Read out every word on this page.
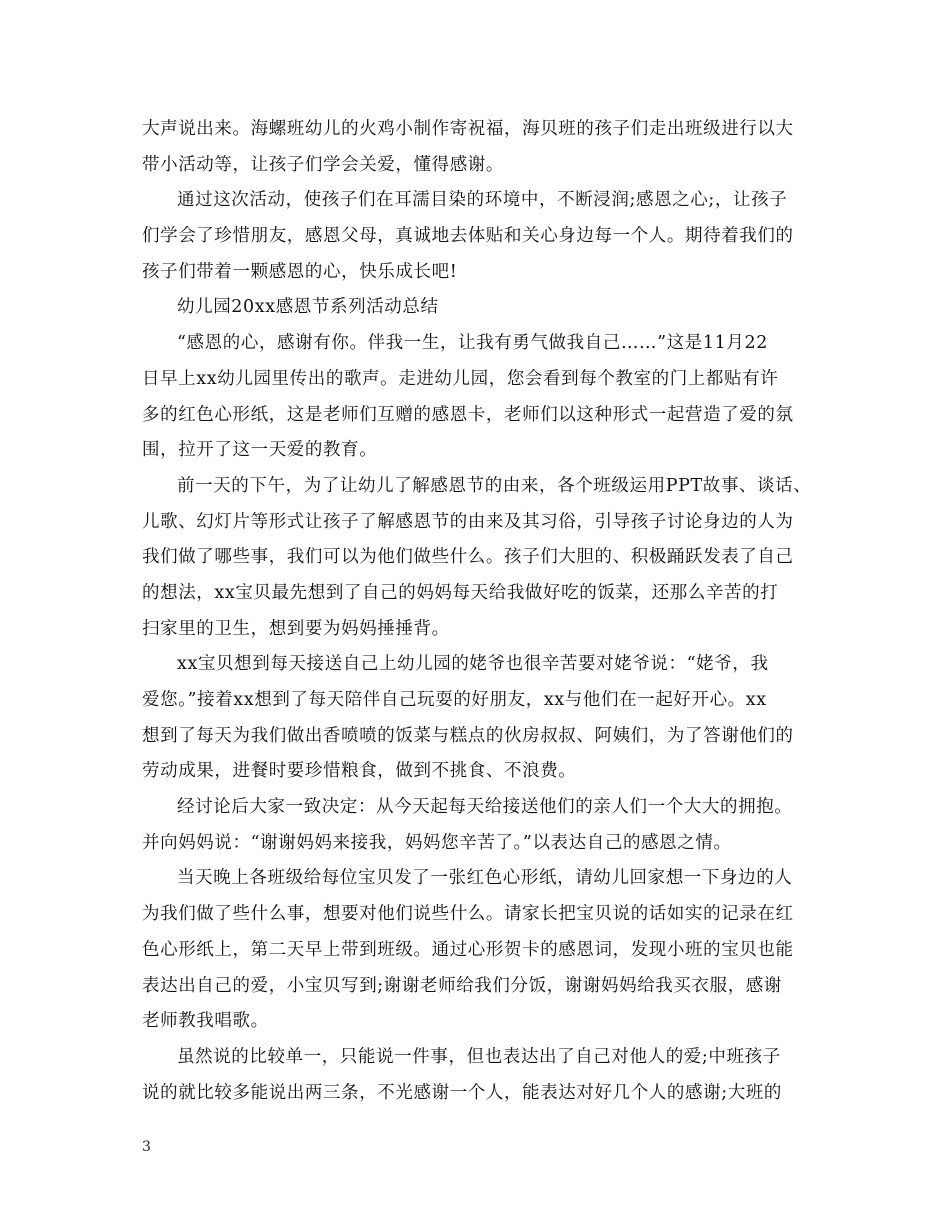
大声说出来。海螺班幼儿的火鸡小制作寄祝福，海贝班的孩子们走出班级进行以大
带小活动等，让孩子们学会关爱，懂得感谢。
通过这次活动，使孩子们在耳濡目染的环境中，不断浸润;感恩之心;，让孩子
们学会了珍惜朋友，感恩父母，真诚地去体贴和关心身边每一个人。期待着我们的
孩子们带着一颗感恩的心，快乐成长吧!
幼儿园20xx感恩节系列活动总结
“感恩的心，感谢有你。伴我一生，让我有勇气做我自己……”这是11月22
日早上xx幼儿园里传出的歌声。走进幼儿园，您会看到每个教室的门上都贴有许
多的红色心形纸，这是老师们互赠的感恩卡，老师们以这种形式一起营造了爱的氛
围，拉开了这一天爱的教育。
前一天的下午，为了让幼儿了解感恩节的由来，各个班级运用PPT故事、谈话、
儿歌、幻灯片等形式让孩子了解感恩节的由来及其习俗，引导孩子讨论身边的人为
我们做了哪些事，我们可以为他们做些什么。孩子们大胆的、积极踊跃发表了自己
的想法，xx宝贝最先想到了自己的妈妈每天给我做好吃的饭菜，还那么辛苦的打
扫家里的卫生，想到要为妈妈捶捶背。
xx宝贝想到每天接送自己上幼儿园的姥爷也很辛苦要对姥爷说：“姥爷，我
爱您。”接着xx想到了每天陪伴自己玩耍的好朋友，xx与他们在一起好开心。xx
想到了每天为我们做出香喷喷的饭菜与糕点的伙房叔叔、阿姨们，为了答谢他们的
劳动成果，进餐时要珍惜粮食，做到不挑食、不浪费。
经讨论后大家一致决定：从今天起每天给接送他们的亲人们一个大大的拥抱。
并向妈妈说：“谢谢妈妈来接我，妈妈您辛苦了。”以表达自己的感恩之情。
当天晚上各班级给每位宝贝发了一张红色心形纸，请幼儿回家想一下身边的人
为我们做了些什么事，想要对他们说些什么。请家长把宝贝说的话如实的记录在红
色心形纸上，第二天早上带到班级。通过心形贺卡的感恩词，发现小班的宝贝也能
表达出自己的爱，小宝贝写到;谢谢老师给我们分饭，谢谢妈妈给我买衣服，感谢
老师教我唱歌。
虽然说的比较单一，只能说一件事，但也表达出了自己对他人的爱;中班孩子
说的就比较多能说出两三条，不光感谢一个人，能表达对好几个人的感谢;大班的
3
